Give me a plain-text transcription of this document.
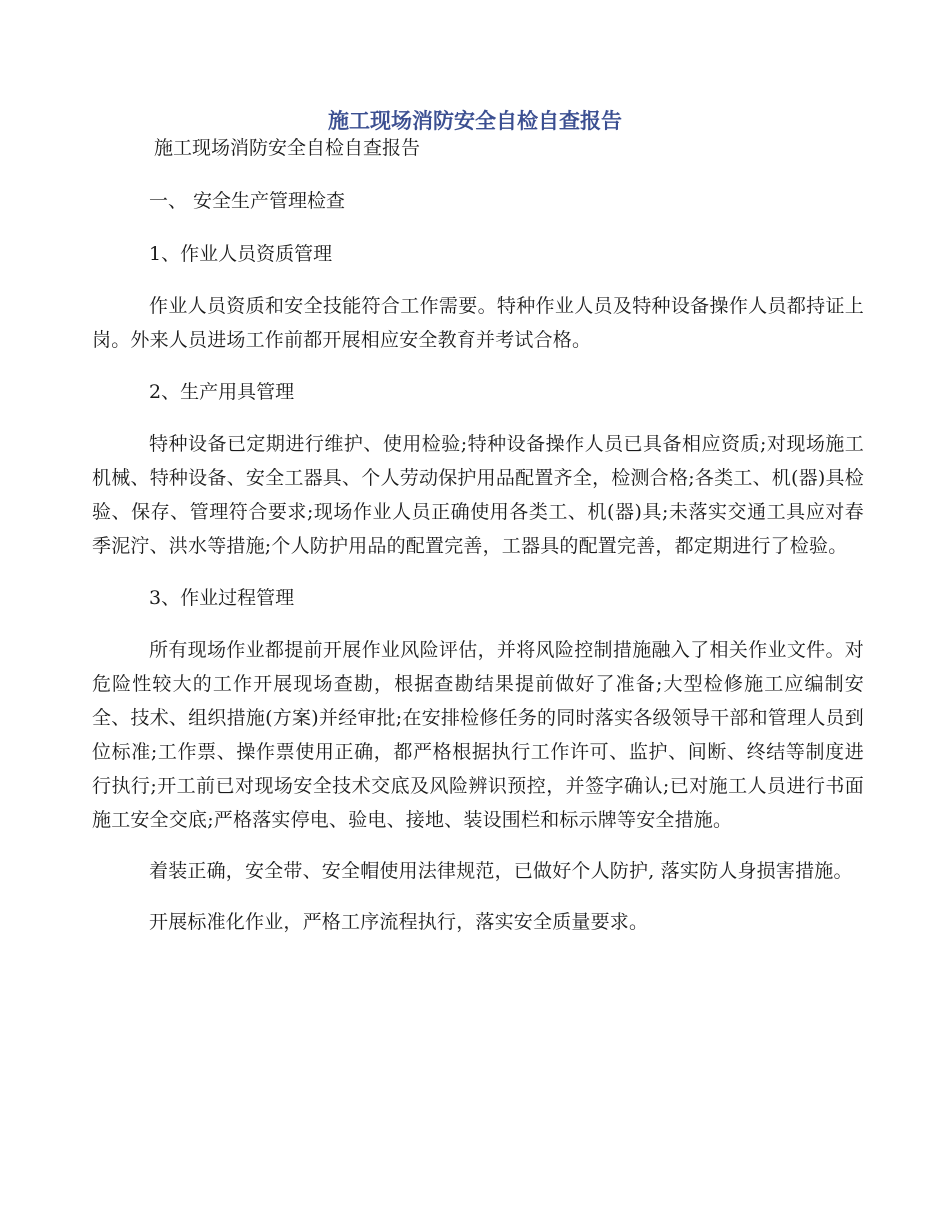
施工现场消防安全自检自查报告

施工现场消防安全自检自查报告

一、 安全生产管理检查

1、作业人员资质管理

作业人员资质和安全技能符合工作需要。特种作业人员及特种设备操作人员都持证上岗。外来人员进场工作前都开展相应安全教育并考试合格。

2、生产用具管理

特种设备已定期进行维护、使用检验;特种设备操作人员已具备相应资质;对现场施工机械、特种设备、安全工器具、个人劳动保护用品配置齐全，检测合格;各类工、机(器)具检验、保存、管理符合要求;现场作业人员正确使用各类工、机(器)具;未落实交通工具应对春季泥泞、洪水等措施;个人防护用品的配置完善，工器具的配置完善，都定期进行了检验。

3、作业过程管理

所有现场作业都提前开展作业风险评估，并将风险控制措施融入了相关作业文件。对危险性较大的工作开展现场查勘，根据查勘结果提前做好了准备;大型检修施工应编制安全、技术、组织措施(方案)并经审批;在安排检修任务的同时落实各级领导干部和管理人员到位标准;工作票、操作票使用正确，都严格根据执行工作许可、监护、间断、终结等制度进行执行;开工前已对现场安全技术交底及风险辨识预控，并签字确认;已对施工人员进行书面施工安全交底;严格落实停电、验电、接地、装设围栏和标示牌等安全措施。

着装正确，安全带、安全帽使用法律规范，已做好个人防护, 落实防人身损害措施。

开展标准化作业，严格工序流程执行，落实安全质量要求。
